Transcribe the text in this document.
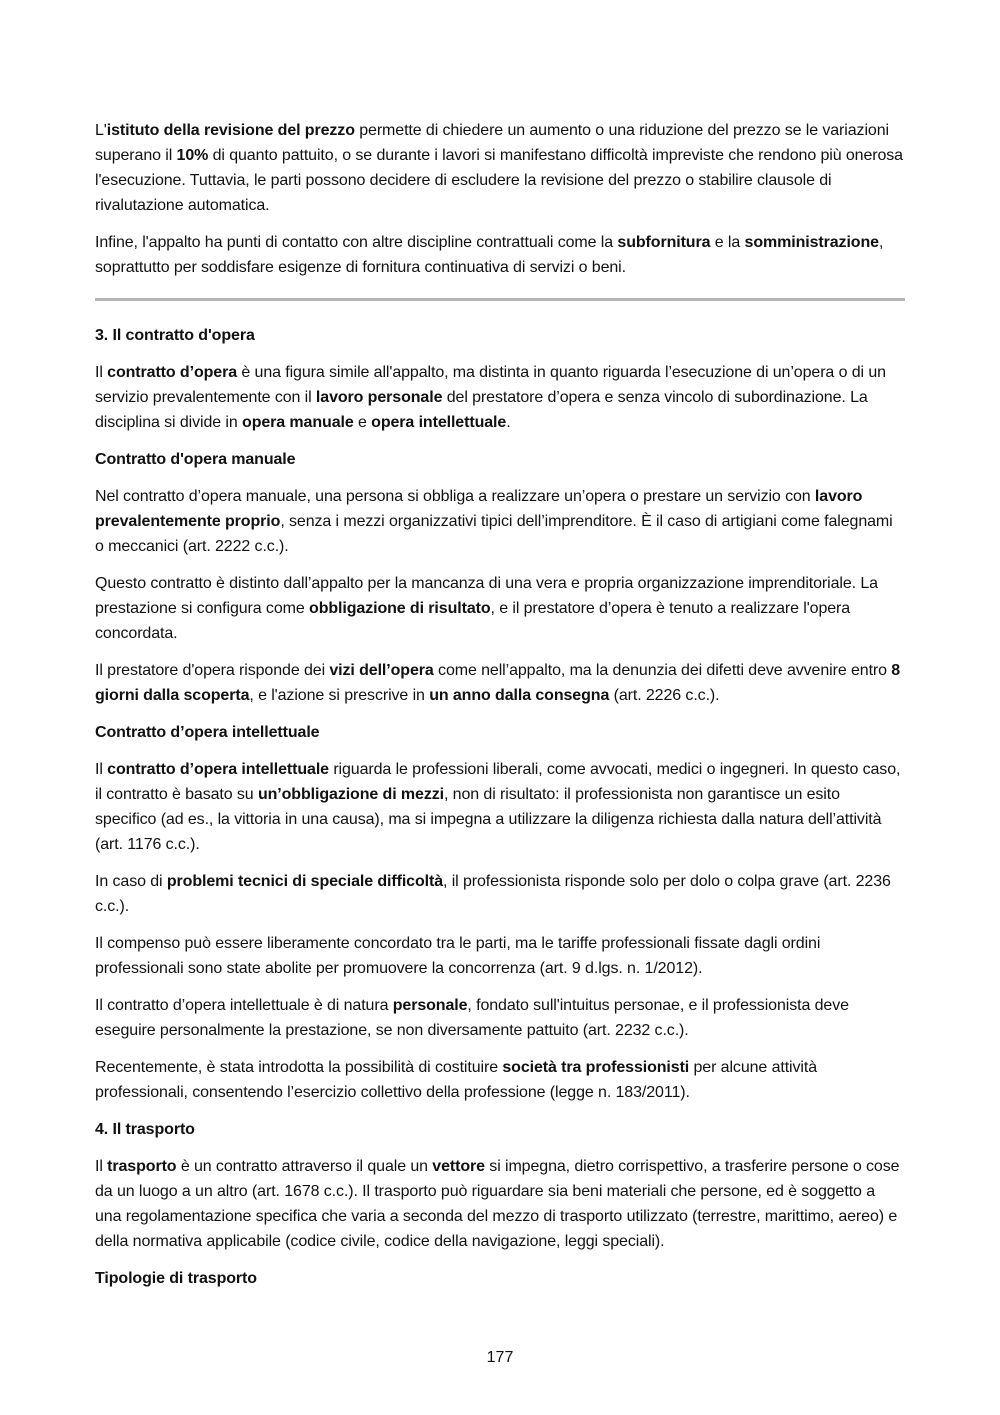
L'istituto della revisione del prezzo permette di chiedere un aumento o una riduzione del prezzo se le variazioni superano il 10% di quanto pattuito, o se durante i lavori si manifestano difficoltà impreviste che rendono più onerosa l'esecuzione. Tuttavia, le parti possono decidere di escludere la revisione del prezzo o stabilire clausole di rivalutazione automatica.

Infine, l'appalto ha punti di contatto con altre discipline contrattuali come la subfornitura e la somministrazione, soprattutto per soddisfare esigenze di fornitura continuativa di servizi o beni.

3. Il contratto d'opera

Il contratto d’opera è una figura simile all'appalto, ma distinta in quanto riguarda l’esecuzione di un’opera o di un servizio prevalentemente con il lavoro personale del prestatore d’opera e senza vincolo di subordinazione. La disciplina si divide in opera manuale e opera intellettuale.

Contratto d'opera manuale

Nel contratto d’opera manuale, una persona si obbliga a realizzare un’opera o prestare un servizio con lavoro prevalentemente proprio, senza i mezzi organizzativi tipici dell’imprenditore. È il caso di artigiani come falegnami o meccanici (art. 2222 c.c.).

Questo contratto è distinto dall’appalto per la mancanza di una vera e propria organizzazione imprenditoriale. La prestazione si configura come obbligazione di risultato, e il prestatore d’opera è tenuto a realizzare l'opera concordata.

Il prestatore d'opera risponde dei vizi dell’opera come nell’appalto, ma la denunzia dei difetti deve avvenire entro 8 giorni dalla scoperta, e l'azione si prescrive in un anno dalla consegna (art. 2226 c.c.).

Contratto d’opera intellettuale

Il contratto d’opera intellettuale riguarda le professioni liberali, come avvocati, medici o ingegneri. In questo caso, il contratto è basato su un’obbligazione di mezzi, non di risultato: il professionista non garantisce un esito specifico (ad es., la vittoria in una causa), ma si impegna a utilizzare la diligenza richiesta dalla natura dell’attività (art. 1176 c.c.).

In caso di problemi tecnici di speciale difficoltà, il professionista risponde solo per dolo o colpa grave (art. 2236 c.c.).

Il compenso può essere liberamente concordato tra le parti, ma le tariffe professionali fissate dagli ordini professionali sono state abolite per promuovere la concorrenza (art. 9 d.lgs. n. 1/2012).

Il contratto d’opera intellettuale è di natura personale, fondato sull'intuitus personae, e il professionista deve eseguire personalmente la prestazione, se non diversamente pattuito (art. 2232 c.c.).

Recentemente, è stata introdotta la possibilità di costituire società tra professionisti per alcune attività professionali, consentendo l’esercizio collettivo della professione (legge n. 183/2011).

4. Il trasporto

Il trasporto è un contratto attraverso il quale un vettore si impegna, dietro corrispettivo, a trasferire persone o cose da un luogo a un altro (art. 1678 c.c.). Il trasporto può riguardare sia beni materiali che persone, ed è soggetto a una regolamentazione specifica che varia a seconda del mezzo di trasporto utilizzato (terrestre, marittimo, aereo) e della normativa applicabile (codice civile, codice della navigazione, leggi speciali).

Tipologie di trasporto
177
